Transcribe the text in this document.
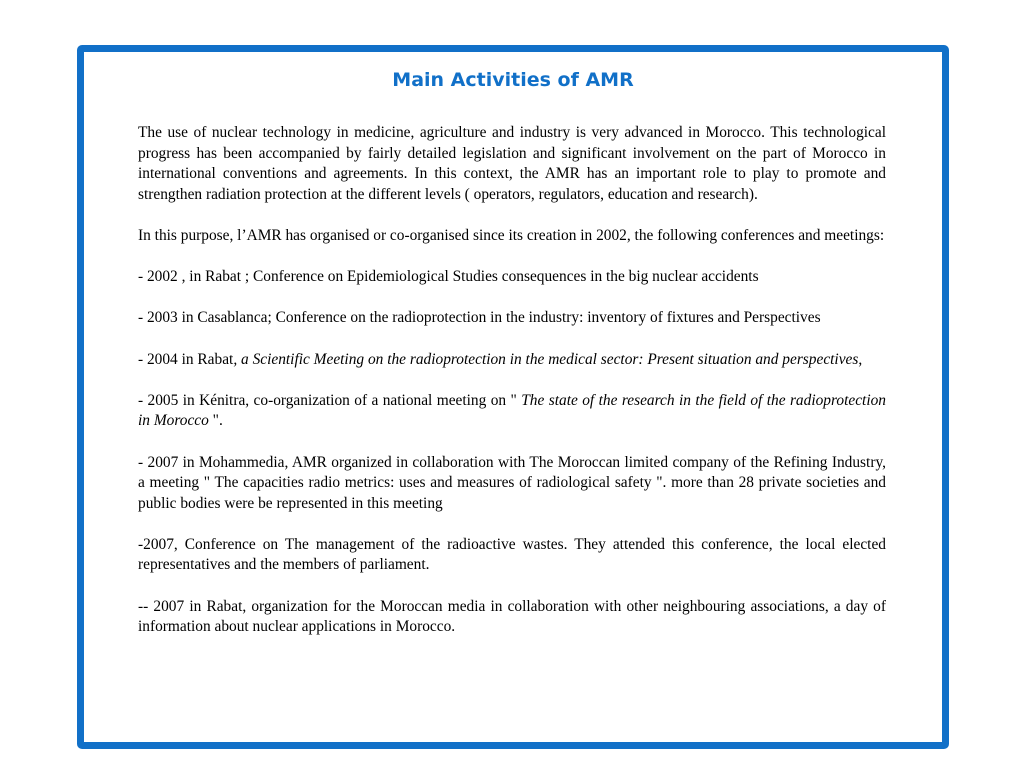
Main Activities of AMR

The use of nuclear technology in medicine, agriculture and industry is very advanced in Morocco. This technological progress has been accompanied by fairly detailed legislation and significant involvement on the part of Morocco in international conventions and agreements. In this context, the AMR has an important role to play to promote and strengthen radiation protection at the different levels ( operators, regulators, education and research).

In this purpose, l’AMR has organised or co-organised since its creation in 2002, the following conferences and meetings:

- 2002 , in Rabat ; Conference on Epidemiological Studies consequences in the big nuclear accidents

- 2003 in Casablanca; Conference on the radioprotection in the industry: inventory of fixtures and Perspectives

- 2004 in Rabat, a Scientific Meeting on the radioprotection in the medical sector: Present situation and perspectives,

- 2005 in Kénitra, co-organization of a national meeting on " The state of the research in the field of the radioprotection in Morocco ".

- 2007 in Mohammedia, AMR organized in collaboration with The Moroccan limited company of the Refining Industry, a meeting " The capacities radio metrics: uses and measures of radiological safety ". more than 28 private societies and public bodies were be represented in this meeting

-2007, Conference on The management of the radioactive wastes. They attended this conference, the local elected representatives and the members of parliament.

-- 2007 in Rabat, organization for the Moroccan media in collaboration with other neighbouring associations, a day of information about nuclear applications in Morocco.
